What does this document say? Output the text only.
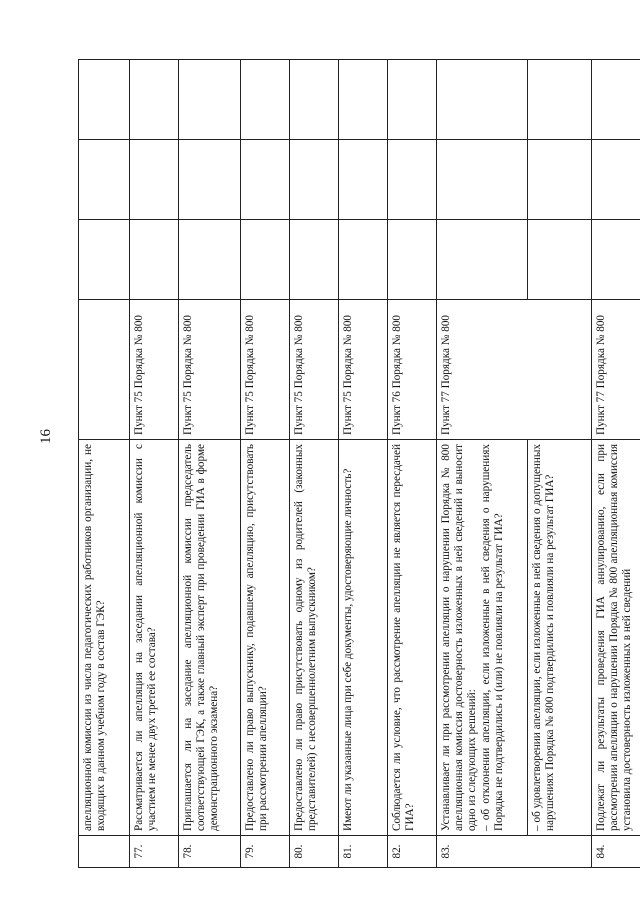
16
	апелляционной комиссии из числа педагогических работников организации, не входящих в данном учебном году в состав ГЭК?				
77.	Рассматривается ли апелляция на заседании апелляционной комиссии с участием не менее двух третей ее состава?	Пункт 75 Порядка № 800			
78.	Приглашается ли на заседание апелляционной комиссии председатель соответствующей ГЭК, а также главный эксперт при проведении ГИА в форме демонстрационного экзамена?	Пункт 75 Порядка № 800			
79.	Предоставлено ли право выпускнику, подавшему апелляцию, присутствовать при рассмотрении апелляции?	Пункт 75 Порядка № 800			
80.	Предоставлено ли право присутствовать одному из родителей (законных представителей) с несовершеннолетним выпускником?	Пункт 75 Порядка № 800			
81.	Имеют ли указанные лица при себе документы, удостоверяющие личность?	Пункт 75 Порядка № 800			
82.	Соблюдается ли условие, что рассмотрение апелляции не является пересдачей ГИА?	Пункт 76 Порядка № 800			
83.	Устанавливает ли при рассмотрении апелляции о нарушении Порядка № 800 апелляционная комиссия достоверность изложенных в ней сведений и выносит одно из следующих решений: – об отклонении апелляции, если изложенные в ней сведения о нарушениях Порядка не подтвердились и (или) не повлияли на результат ГИА?	Пункт 77 Порядка № 800			
	– об удовлетворении апелляции, если изложенные в ней сведения о допущенных нарушениях Порядка № 800 подтвердились и повлияли на результат ГИА?				
84.	Подлежат ли результаты проведения ГИА аннулированию, если при рассмотрении апелляции о нарушении Порядка № 800 апелляционная комиссия установила достоверность изложенных в ней сведений	Пункт 77 Порядка № 800			
